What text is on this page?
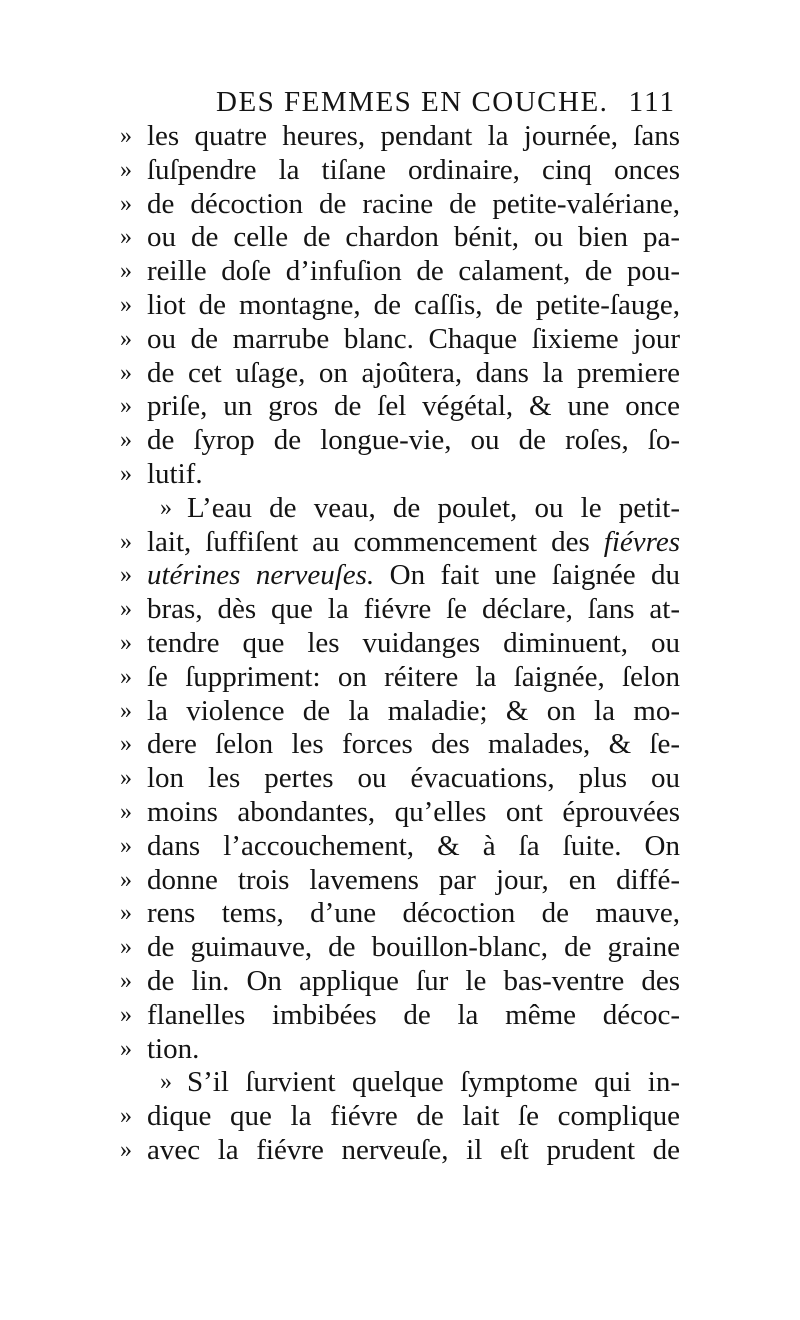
DES FEMMES EN COUCHE. 111
» les quatre heures, pendant la journée, ſans
» ſuſpendre la tiſane ordinaire, cinq onces
» de décoction de racine de petite-valériane,
» ou de celle de chardon bénit, ou bien pa-
» reille doſe d’infuſion de calament, de pou-
» liot de montagne, de caſſis, de petite-ſauge,
» ou de marrube blanc. Chaque ſixieme jour
» de cet uſage, on ajoûtera, dans la premiere
» priſe, un gros de ſel végétal, & une once
» de ſyrop de longue-vie, ou de roſes, ſo-
» lutif.
» L’eau de veau, de poulet, ou le petit-
» lait, ſuffiſent au commencement des fiévres
» utérines nerveuſes. On fait une ſaignée du
» bras, dès que la fiévre ſe déclare, ſans at-
» tendre que les vuidanges diminuent, ou
» ſe ſuppriment: on réitere la ſaignée, ſelon
» la violence de la maladie; & on la mo-
» dere ſelon les forces des malades, & ſe-
» lon les pertes ou évacuations, plus ou
» moins abondantes, qu’elles ont éprouvées
» dans l’accouchement, & à ſa ſuite. On
» donne trois lavemens par jour, en diffé-
» rens tems, d’une décoction de mauve,
» de guimauve, de bouillon-blanc, de graine
» de lin. On applique ſur le bas-ventre des
» flanelles imbibées de la même décoc-
» tion.
» S’il ſurvient quelque ſymptome qui in-
» dique que la fiévre de lait ſe complique
» avec la fiévre nerveuſe, il eſt prudent de
